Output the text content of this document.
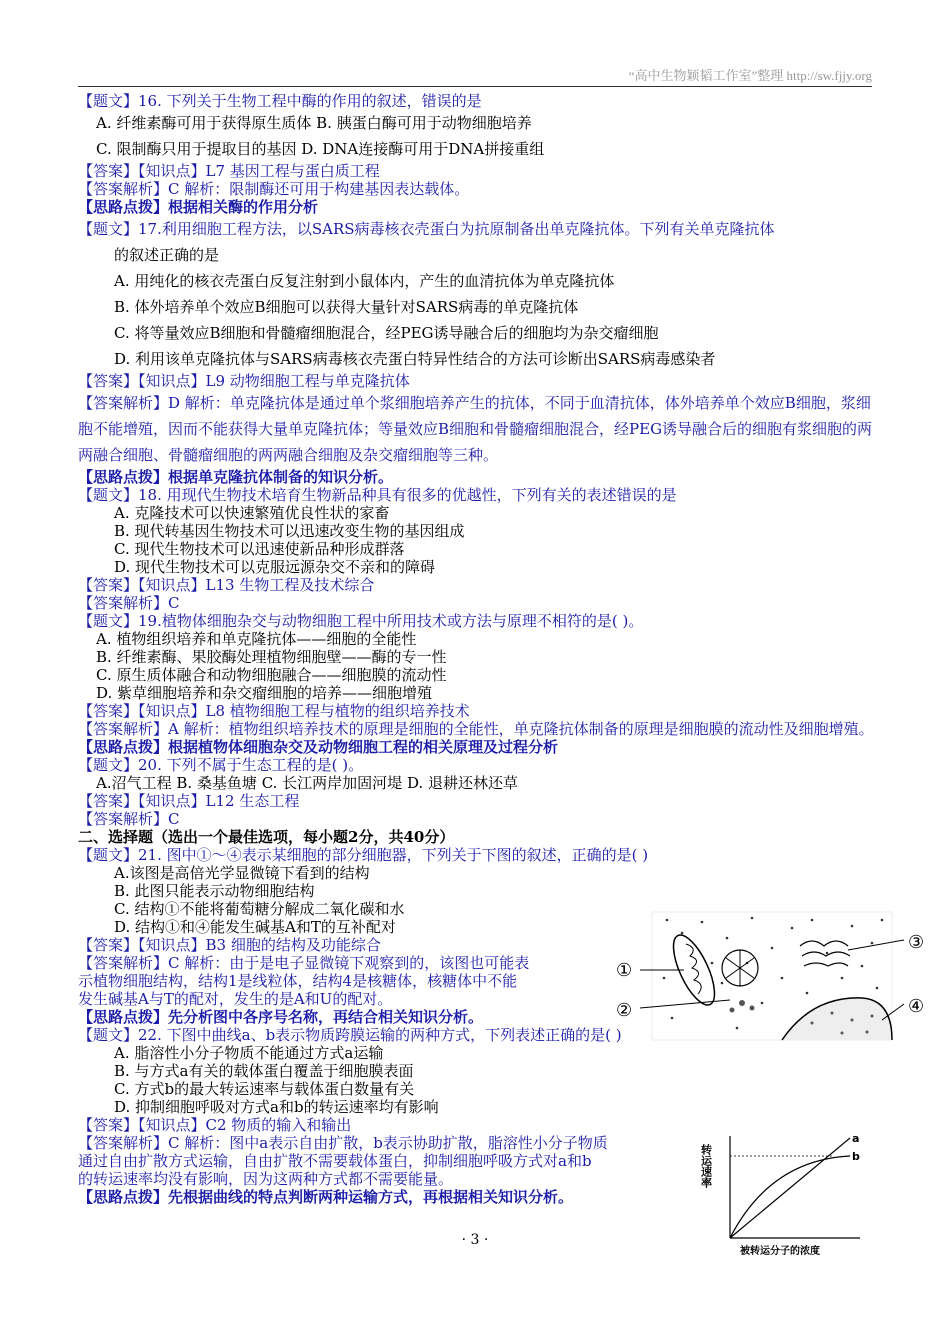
“高中生物颖韬工作室”整理 http://sw.fjjy.org
【题文】16. 下列关于生物工程中酶的作用的叙述，错误的是
A. 纤维素酶可用于获得原生质体 B. 胰蛋白酶可用于动物细胞培养
C. 限制酶只用于提取目的基因 D. DNA连接酶可用于DNA拼接重组
【答案】【知识点】L7 基因工程与蛋白质工程
【答案解析】C 解析：限制酶还可用于构建基因表达载体。
【思路点拨】根据相关酶的作用分析
【题文】17.利用细胞工程方法，以SARS病毒核衣壳蛋白为抗原制备出单克隆抗体。下列有关单克隆抗体
的叙述正确的是
A. 用纯化的核衣壳蛋白反复注射到小鼠体内，产生的血清抗体为单克隆抗体
B. 体外培养单个效应B细胞可以获得大量针对SARS病毒的单克隆抗体
C. 将等量效应B细胞和骨髓瘤细胞混合，经PEG诱导融合后的细胞均为杂交瘤细胞
D. 利用该单克隆抗体与SARS病毒核衣壳蛋白特异性结合的方法可诊断出SARS病毒感染者
【答案】【知识点】L9 动物细胞工程与单克隆抗体
【答案解析】D 解析：单克隆抗体是通过单个浆细胞培养产生的抗体，不同于血清抗体，体外培养单个效应B细胞，浆细胞不能增殖，因而不能获得大量单克隆抗体；等量效应B细胞和骨髓瘤细胞混合，经PEG诱导融合后的细胞有浆细胞的两两融合细胞、骨髓瘤细胞的两两融合细胞及杂交瘤细胞等三种。
【思路点拨】根据单克隆抗体制备的知识分析。
【题文】18. 用现代生物技术培育生物新品种具有很多的优越性，下列有关的表述错误的是
A. 克隆技术可以快速繁殖优良性状的家畜
B. 现代转基因生物技术可以迅速改变生物的基因组成
C. 现代生物技术可以迅速使新品种形成群落
D. 现代生物技术可以克服远源杂交不亲和的障碍
【答案】【知识点】L13 生物工程及技术综合
【答案解析】C
【题文】19.植物体细胞杂交与动物细胞工程中所用技术或方法与原理不相符的是( )。
A. 植物组织培养和单克隆抗体——细胞的全能性
B. 纤维素酶、果胶酶处理植物细胞壁——酶的专一性
C. 原生质体融合和动物细胞融合——细胞膜的流动性
D. 紫草细胞培养和杂交瘤细胞的培养——细胞增殖
【答案】【知识点】L8 植物细胞工程与植物的组织培养技术
【答案解析】A 解析：植物组织培养技术的原理是细胞的全能性，单克隆抗体制备的原理是细胞膜的流动性及细胞增殖。
【思路点拨】根据植物体细胞杂交及动物细胞工程的相关原理及过程分析
【题文】20. 下列不属于生态工程的是( )。
A.沼气工程 B. 桑基鱼塘 C. 长江两岸加固河堤 D. 退耕还林还草
【答案】【知识点】L12 生态工程
【答案解析】C
二、选择题（选出一个最佳选项，每小题2分，共40分）
【题文】21. 图中①～④表示某细胞的部分细胞器，下列关于下图的叙述，正确的是( )
A.该图是高倍光学显微镜下看到的结构
B. 此图只能表示动物细胞结构
C. 结构①不能将葡萄糖分解成二氧化碳和水
D. 结构①和④能发生碱基A和T的互补配对
【答案】【知识点】B3 细胞的结构及功能综合
【答案解析】C 解析：由于是电子显微镜下观察到的，该图也可能表
示植物细胞结构，结构1是线粒体，结构4是核糖体，核糖体中不能
发生碱基A与T的配对，发生的是A和U的配对。
【思路点拨】先分析图中各序号名称，再结合相关知识分析。
【题文】22. 下图中曲线a、b表示物质跨膜运输的两种方式，下列表述正确的是( )
A. 脂溶性小分子物质不能通过方式a运输
B. 与方式a有关的载体蛋白覆盖于细胞膜表面
C. 方式b的最大转运速率与载体蛋白数量有关
D. 抑制细胞呼吸对方式a和b的转运速率均有影响
【答案】【知识点】C2 物质的输入和输出
【答案解析】C 解析：图中a表示自由扩散，b表示协助扩散，脂溶性小分子物质
通过自由扩散方式运输，自由扩散不需要载体蛋白，抑制细胞呼吸方式对a和b
的转运速率均没有影响，因为这两种方式都不需要能量。
【思路点拨】先根据曲线的特点判断两种运输方式，再根据相关知识分析。
①
②
③
④
a
b
转运速率
被转运分子的浓度
· 3 ·
